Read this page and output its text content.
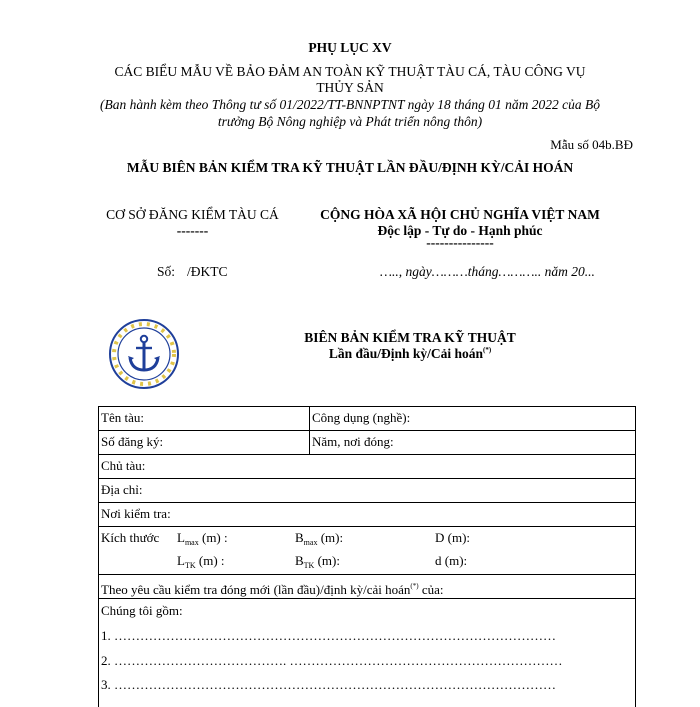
PHỤ LỤC XV
CÁC BIỂU MẪU VỀ BẢO ĐẢM AN TOÀN KỸ THUẬT TÀU CÁ, TÀU CÔNG VỤ THỦY SẢN
(Ban hành kèm theo Thông tư số 01/2022/TT-BNNPTNT ngày 18 tháng 01 năm 2022 của Bộ trưởng Bộ Nông nghiệp và Phát triển nông thôn)
Mẫu số 04b.BĐ
MẪU BIÊN BẢN KIỂM TRA KỸ THUẬT LẦN ĐẦU/ĐỊNH KỲ/CẢI HOÁN
CƠ SỞ ĐĂNG KIỂM TÀU CÁ
-------
CỘNG HÒA XÃ HỘI CHỦ NGHĨA VIỆT NAM
Độc lập - Tự do - Hạnh phúc
---------------
Số: /ĐKTC	….., ngày………tháng……….. năm 20...
BIÊN BẢN KIỂM TRA KỸ THUẬT
Lần đầu/Định kỳ/Cải hoán(*)
Tên tàu:	Công dụng (nghề):
Số đăng ký:	Năm, nơi đóng:
Chủ tàu:
Địa chỉ:
Nơi kiểm tra:
Kích thước	$L_{max}$ (m) :	$B_{max}$ (m):	D (m):
$L_{TK}$ (m) :	$B_{TK}$ (m):	d (m):
Theo yêu cầu kiểm tra đóng mới (lần đầu)/định kỳ/cải hoán(*) của:
Chúng tôi gồm:
1. …………………………………………………………………………………………
2. …………………………………. ………………………………………………………
3. …………………………………………………………………………………………
